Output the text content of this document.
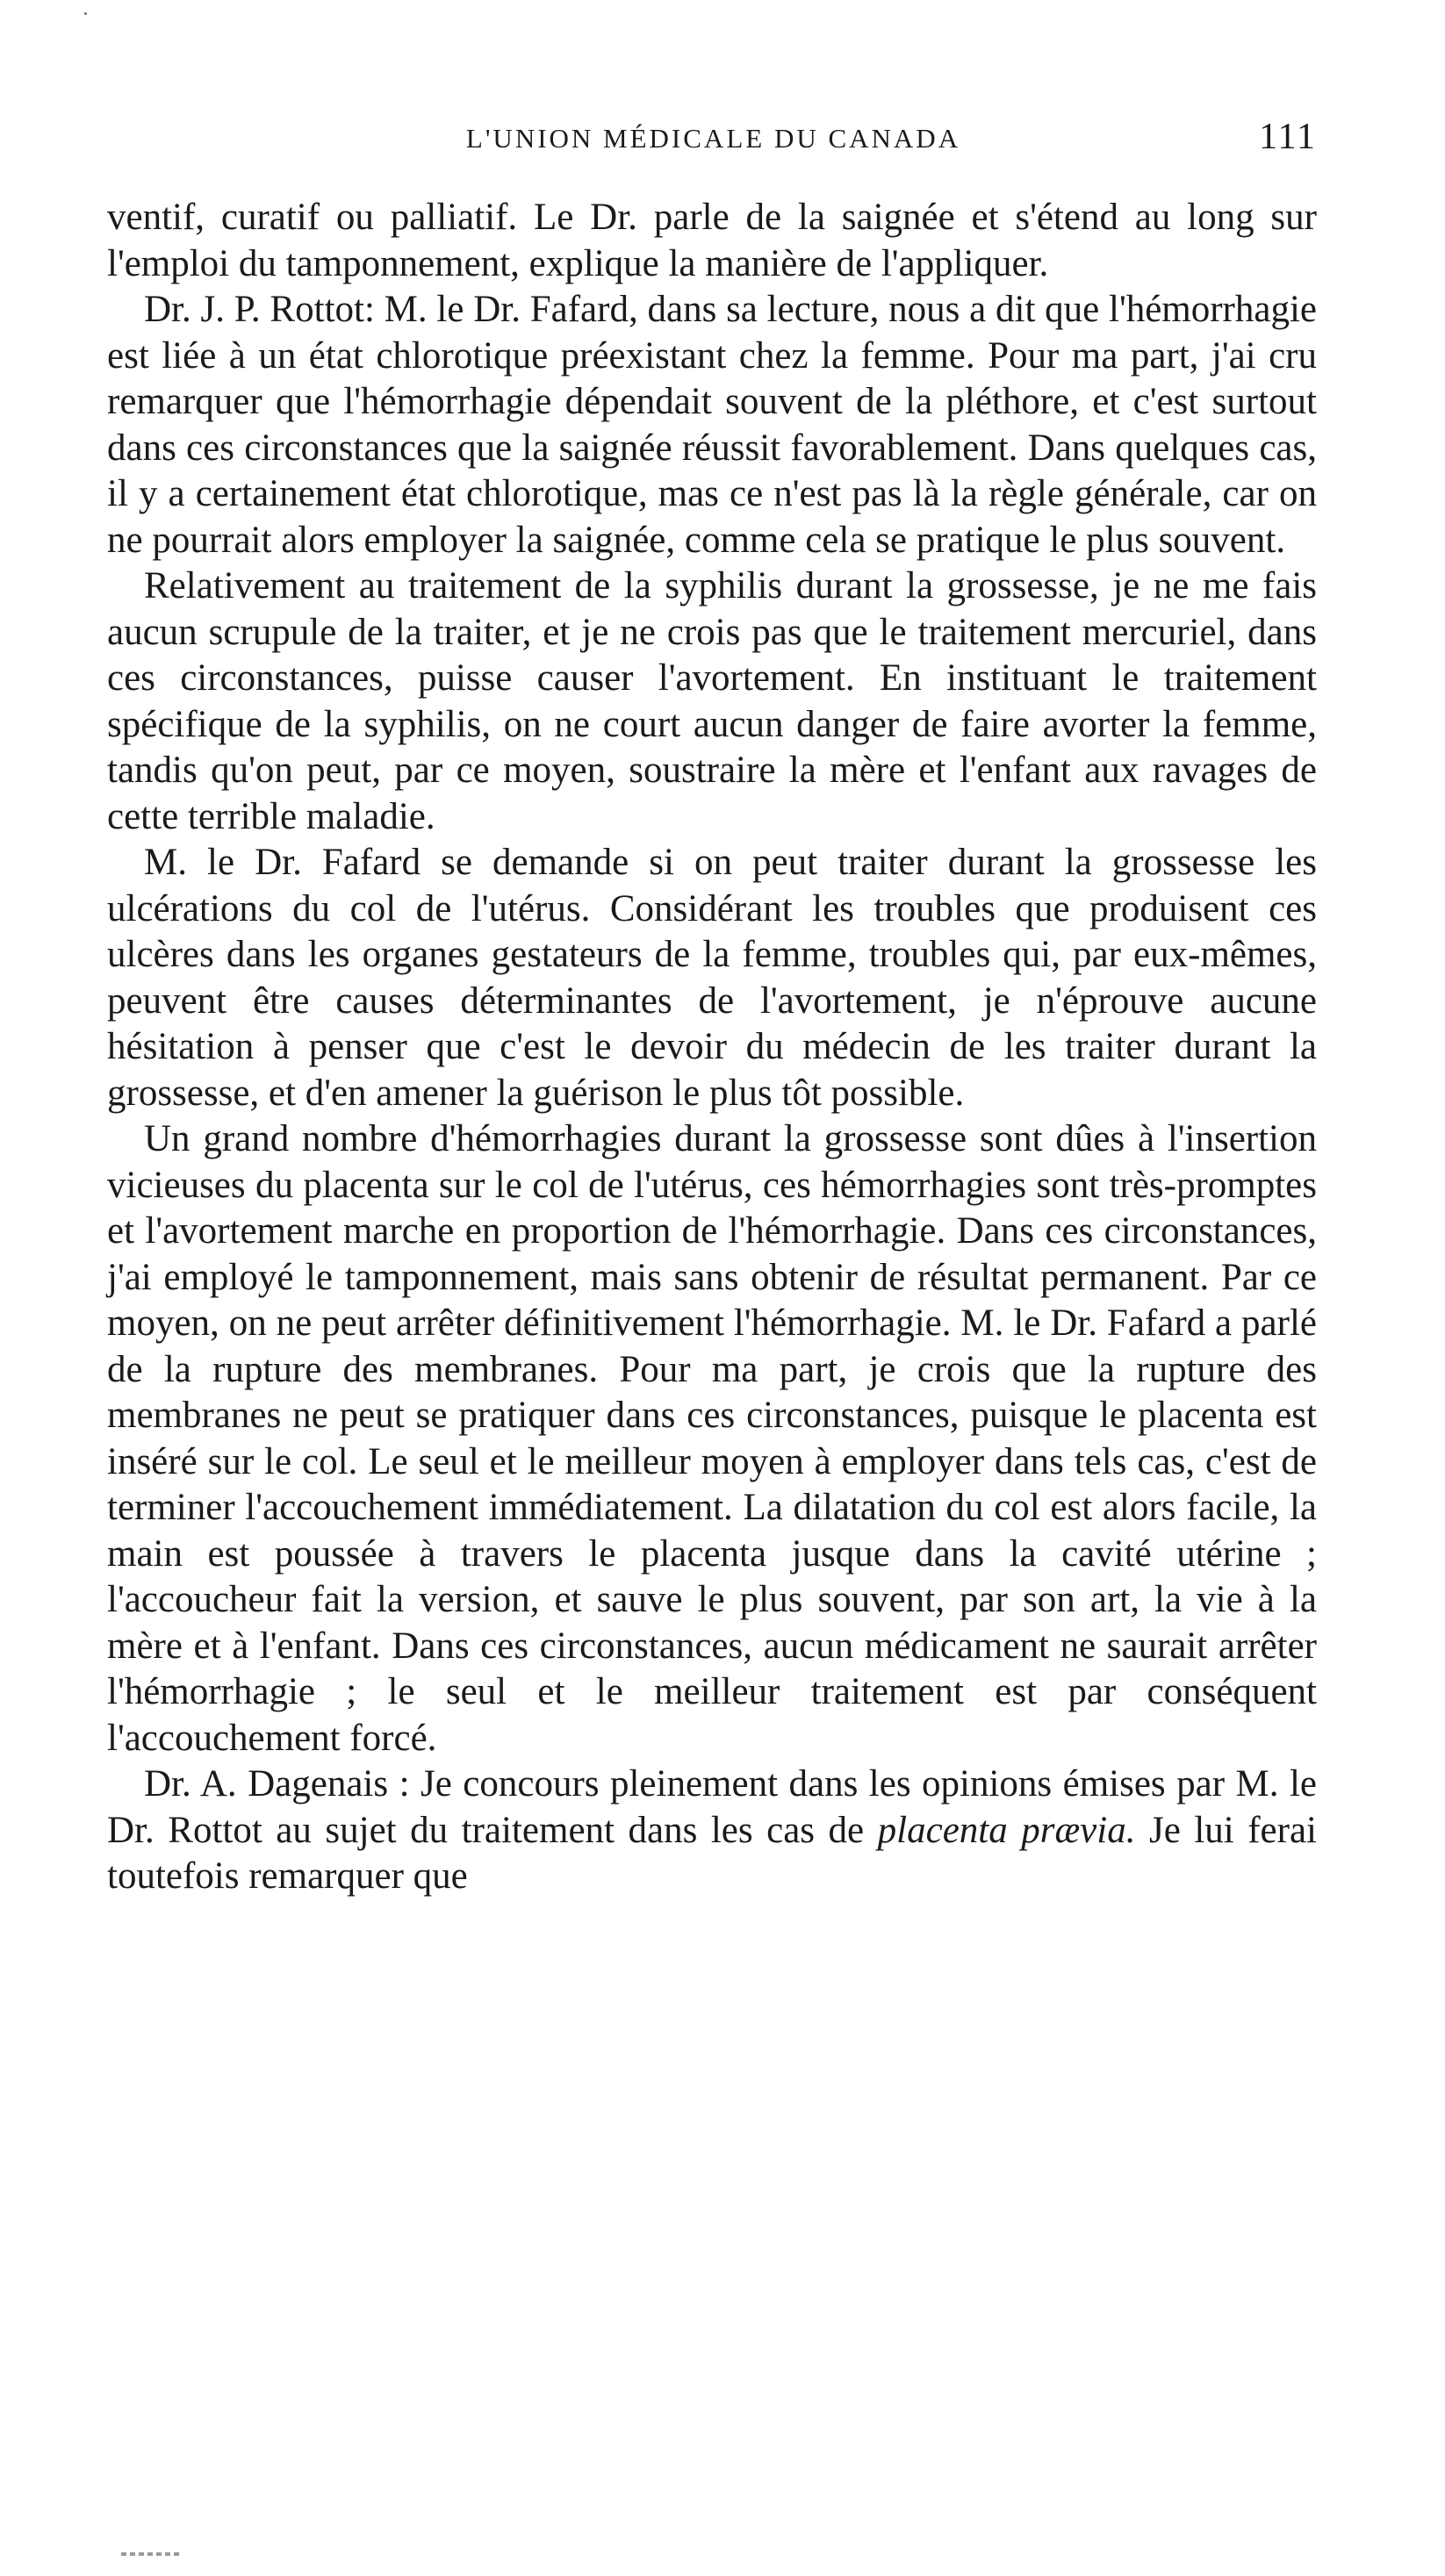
L'UNION MÉDICALE DU CANADA	111

ventif, curatif ou palliatif. Le Dr. parle de la saignée et s'étend au long sur l'emploi du tamponnement, explique la manière de l'appliquer.

Dr. J. P. Rottot: M. le Dr. Fafard, dans sa lecture, nous a dit que l'hémorrhagie est liée à un état chlorotique préexistant chez la femme. Pour ma part, j'ai cru remarquer que l'hémorrhagie dépendait souvent de la pléthore, et c'est surtout dans ces circonstances que la saignée réussit favorablement. Dans quelques cas, il y a certainement état chlorotique, mas ce n'est pas là la règle générale, car on ne pourrait alors employer la saignée, comme cela se pratique le plus souvent.

Relativement au traitement de la syphilis durant la grossesse, je ne me fais aucun scrupule de la traiter, et je ne crois pas que le traitement mercuriel, dans ces circonstances, puisse causer l'avortement. En instituant le traitement spécifique de la syphilis, on ne court aucun danger de faire avorter la femme, tandis qu'on peut, par ce moyen, soustraire la mère et l'enfant aux ravages de cette terrible maladie.

M. le Dr. Fafard se demande si on peut traiter durant la grossesse les ulcérations du col de l'utérus. Considérant les troubles que produisent ces ulcères dans les organes gestateurs de la femme, troubles qui, par eux-mêmes, peuvent être causes déterminantes de l'avortement, je n'éprouve aucune hésitation à penser que c'est le devoir du médecin de les traiter durant la grossesse, et d'en amener la guérison le plus tôt possible.

Un grand nombre d'hémorrhagies durant la grossesse sont dûes à l'insertion vicieuses du placenta sur le col de l'utérus, ces hémorrhagies sont très-promptes et l'avortement marche en proportion de l'hémorrhagie. Dans ces circonstances, j'ai employé le tamponnement, mais sans obtenir de résultat permanent. Par ce moyen, on ne peut arrêter définitivement l'hémorrhagie. M. le Dr. Fafard a parlé de la rupture des membranes. Pour ma part, je crois que la rupture des membranes ne peut se pratiquer dans ces circonstances, puisque le placenta est inséré sur le col. Le seul et le meilleur moyen à employer dans tels cas, c'est de terminer l'accouchement immédiatement. La dilatation du col est alors facile, la main est poussée à travers le placenta jusque dans la cavité utérine ; l'accoucheur fait la version, et sauve le plus souvent, par son art, la vie à la mère et à l'enfant. Dans ces circonstances, aucun médicament ne saurait arrêter l'hémorrhagie ; le seul et le meilleur traitement est par conséquent l'accouchement forcé.

Dr. A. Dagenais : Je concours pleinement dans les opinions émises par M. le Dr. Rottot au sujet du traitement dans les cas de placenta prævia. Je lui ferai toutefois remarquer que
